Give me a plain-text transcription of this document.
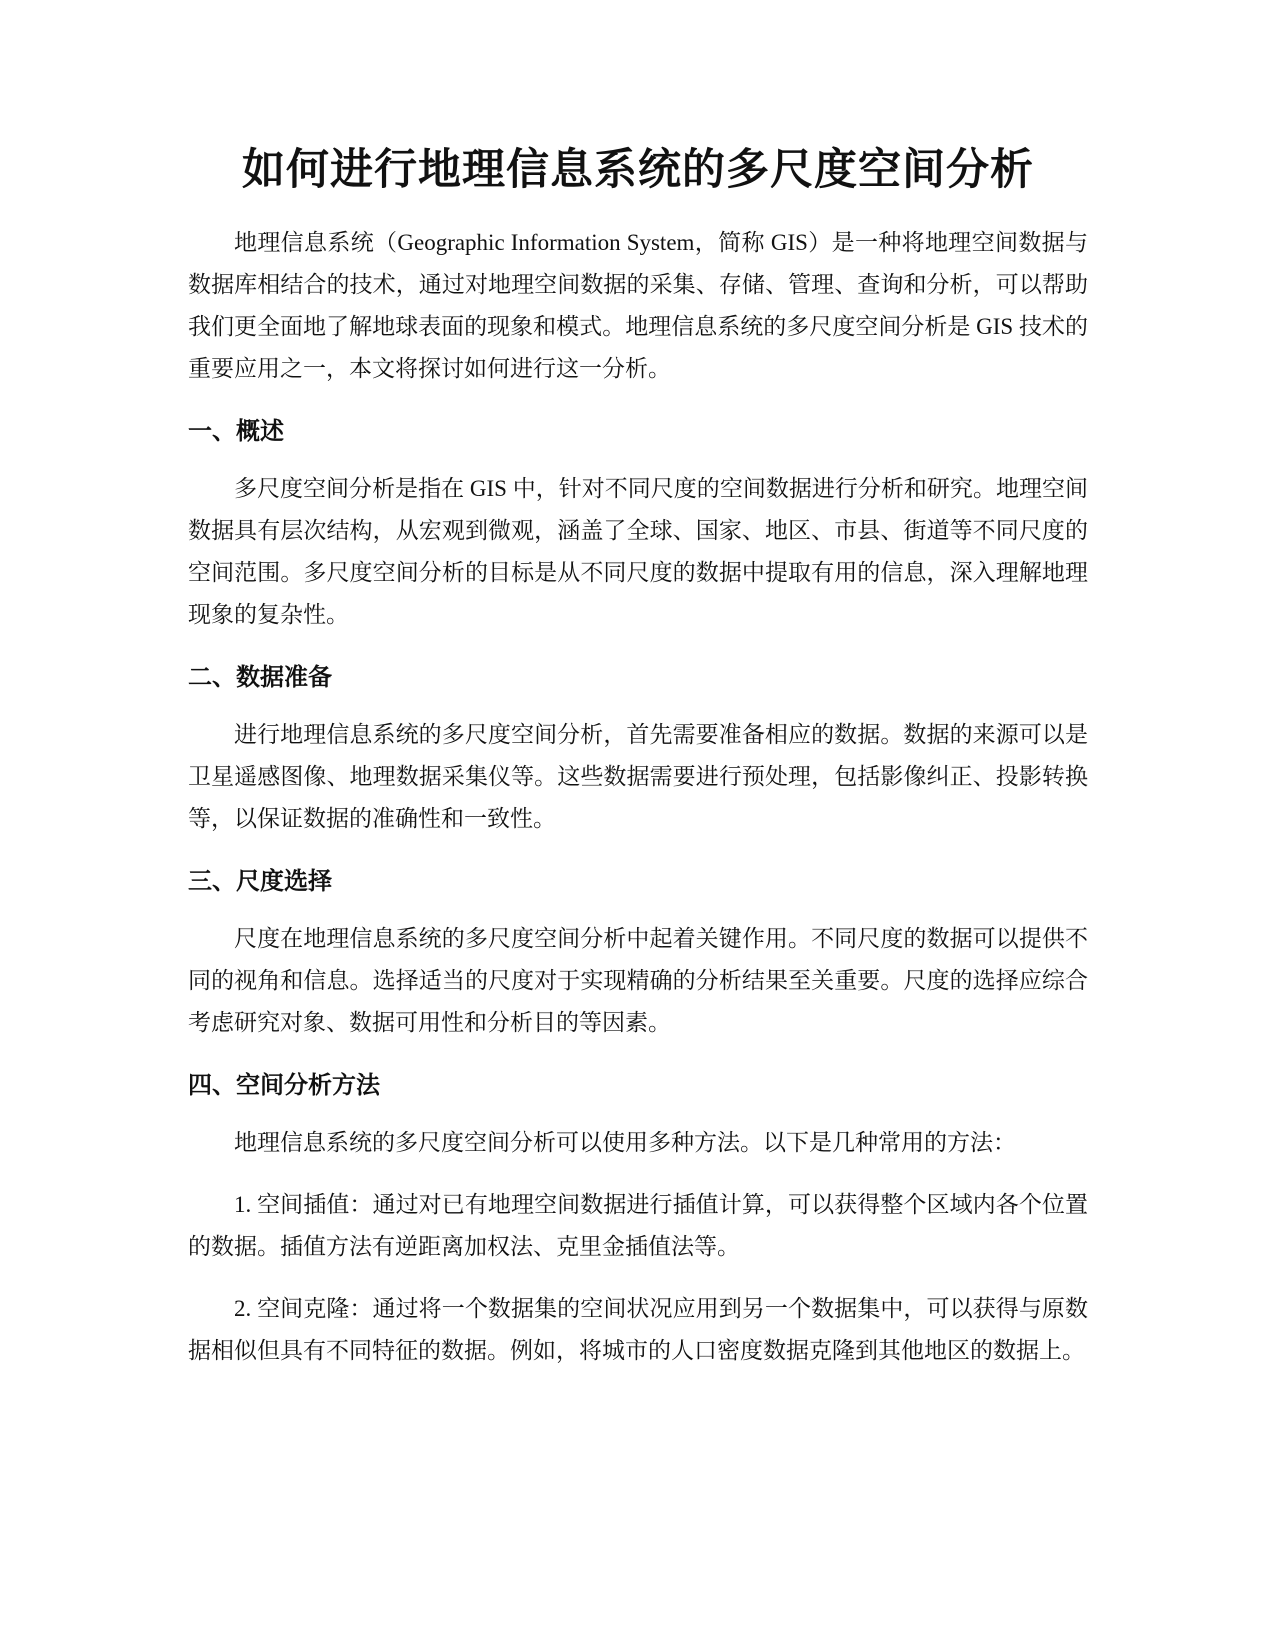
如何进行地理信息系统的多尺度空间分析

地理信息系统（Geographic Information System，简称 GIS）是一种将地理空间数据与数据库相结合的技术，通过对地理空间数据的采集、存储、管理、查询和分析，可以帮助我们更全面地了解地球表面的现象和模式。地理信息系统的多尺度空间分析是 GIS 技术的重要应用之一，本文将探讨如何进行这一分析。

一、概述

多尺度空间分析是指在 GIS 中，针对不同尺度的空间数据进行分析和研究。地理空间数据具有层次结构，从宏观到微观，涵盖了全球、国家、地区、市县、街道等不同尺度的空间范围。多尺度空间分析的目标是从不同尺度的数据中提取有用的信息，深入理解地理现象的复杂性。

二、数据准备

进行地理信息系统的多尺度空间分析，首先需要准备相应的数据。数据的来源可以是卫星遥感图像、地理数据采集仪等。这些数据需要进行预处理，包括影像纠正、投影转换等，以保证数据的准确性和一致性。

三、尺度选择

尺度在地理信息系统的多尺度空间分析中起着关键作用。不同尺度的数据可以提供不同的视角和信息。选择适当的尺度对于实现精确的分析结果至关重要。尺度的选择应综合考虑研究对象、数据可用性和分析目的等因素。

四、空间分析方法

地理信息系统的多尺度空间分析可以使用多种方法。以下是几种常用的方法：

1. 空间插值：通过对已有地理空间数据进行插值计算，可以获得整个区域内各个位置的数据。插值方法有逆距离加权法、克里金插值法等。

2. 空间克隆：通过将一个数据集的空间状况应用到另一个数据集中，可以获得与原数据相似但具有不同特征的数据。例如，将城市的人口密度数据克隆到其他地区的数据上。
